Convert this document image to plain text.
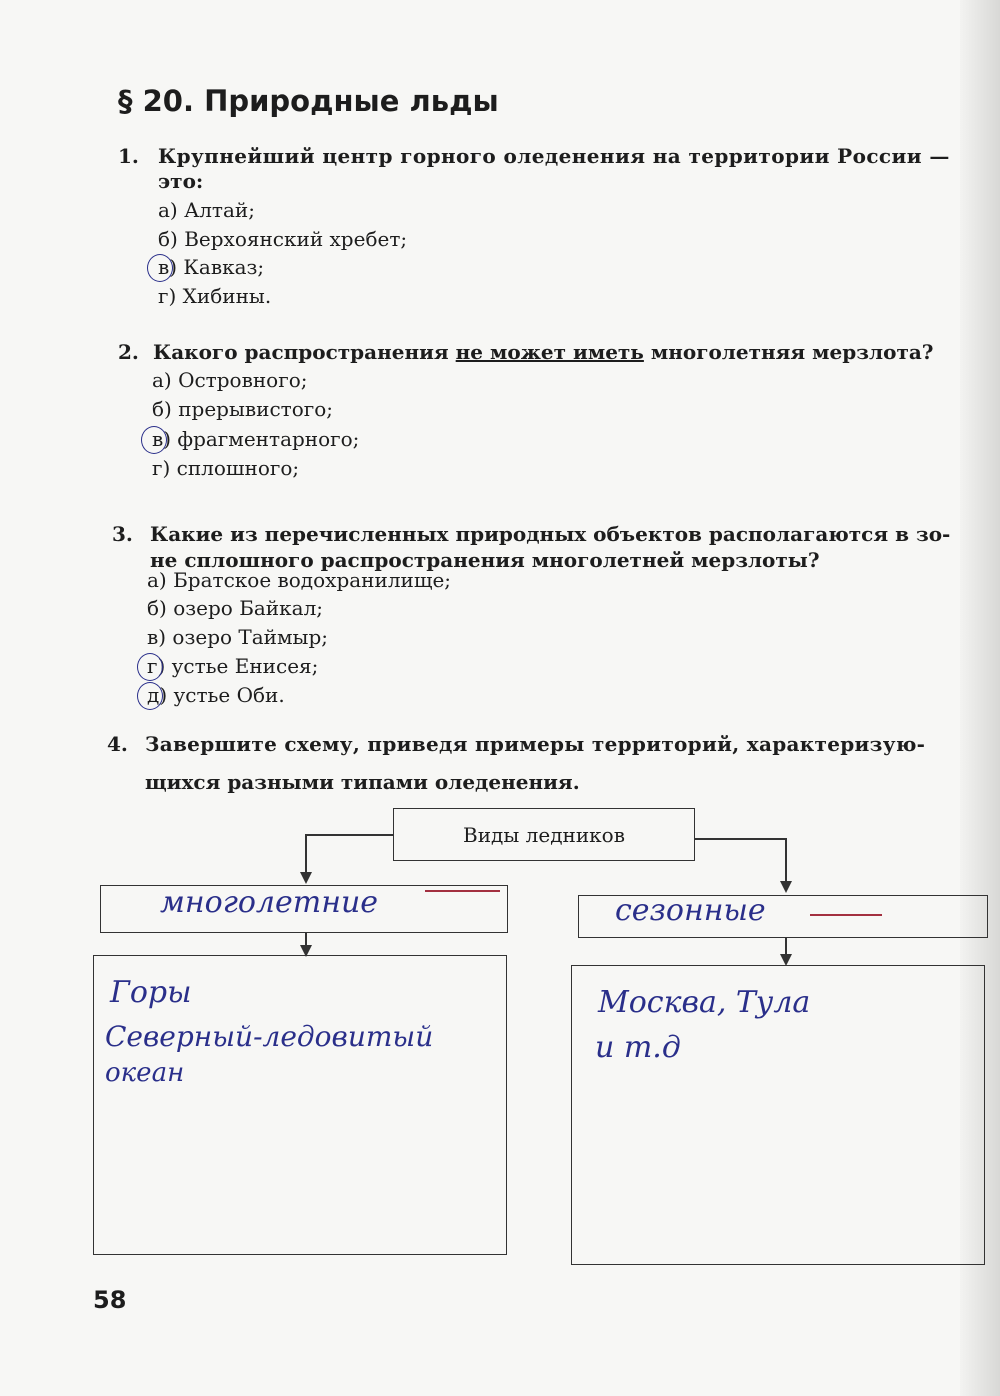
§ 20. Природные льды
1. Крупнейший центр горного оледенения на территории России —
это:
а) Алтай;
б) Верхоянский хребет;
в) Кавказ;
г) Хибины.
2. Какого распространения не может иметь многолетняя мерзлота?
а) Островного;
б) прерывистого;
в) фрагментарного;
г) сплошного;
3. Какие из перечисленных природных объектов располагаются в зо-
не сплошного распространения многолетней мерзлоты?
а) Братское водохранилище;
б) озеро Байкал;
в) озеро Таймыр;
г) устье Енисея;
д) устье Оби.
4. Завершите схему, приведя примеры территорий, характеризую-
щихся разными типами оледенения.
Виды ледников
многолетние	сезонные
Горы
Северный-ледовитый
океан
Москва, Тула
и т.д
58
